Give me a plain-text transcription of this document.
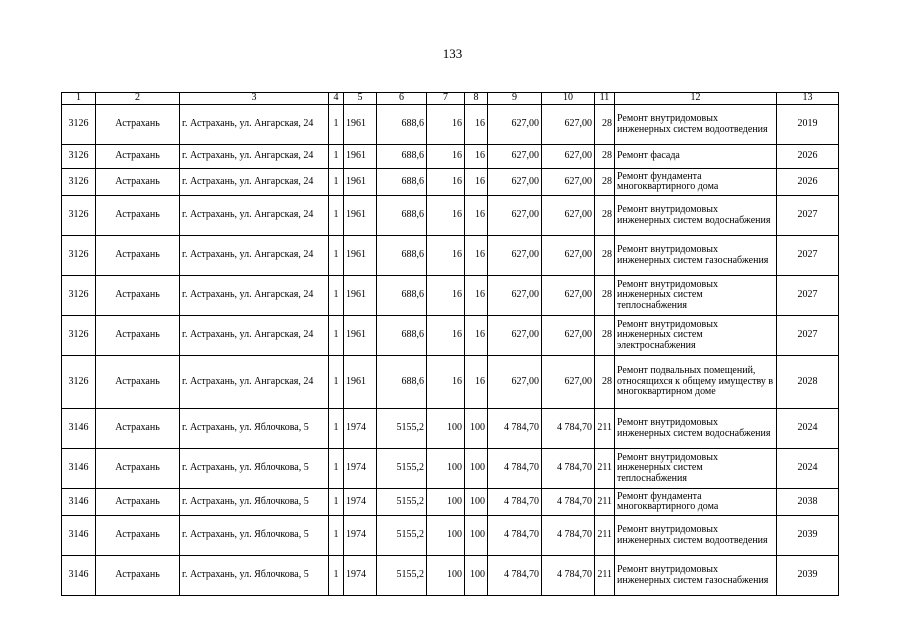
133
1	2	3	4	5	6	7	8	9	10	11	12	13
3126	Астрахань	г. Астрахань, ул. Ангарская, 24	1	1961	688,6	16	16	627,00	627,00	28	Ремонт внутридомовых инженерных систем водоотведения	2019
3126	Астрахань	г. Астрахань, ул. Ангарская, 24	1	1961	688,6	16	16	627,00	627,00	28	Ремонт фасада	2026
3126	Астрахань	г. Астрахань, ул. Ангарская, 24	1	1961	688,6	16	16	627,00	627,00	28	Ремонт фундамента многоквартирного дома	2026
3126	Астрахань	г. Астрахань, ул. Ангарская, 24	1	1961	688,6	16	16	627,00	627,00	28	Ремонт внутридомовых инженерных систем водоснабжения	2027
3126	Астрахань	г. Астрахань, ул. Ангарская, 24	1	1961	688,6	16	16	627,00	627,00	28	Ремонт внутридомовых инженерных систем газоснабжения	2027
3126	Астрахань	г. Астрахань, ул. Ангарская, 24	1	1961	688,6	16	16	627,00	627,00	28	Ремонт внутридомовых инженерных систем теплоснабжения	2027
3126	Астрахань	г. Астрахань, ул. Ангарская, 24	1	1961	688,6	16	16	627,00	627,00	28	Ремонт внутридомовых инженерных систем электроснабжения	2027
3126	Астрахань	г. Астрахань, ул. Ангарская, 24	1	1961	688,6	16	16	627,00	627,00	28	Ремонт подвальных помещений, относящихся к общему имуществу в многоквартирном доме	2028
3146	Астрахань	г. Астрахань, ул. Яблочкова, 5	1	1974	5155,2	100	100	4 784,70	4 784,70	211	Ремонт внутридомовых инженерных систем водоснабжения	2024
3146	Астрахань	г. Астрахань, ул. Яблочкова, 5	1	1974	5155,2	100	100	4 784,70	4 784,70	211	Ремонт внутридомовых инженерных систем теплоснабжения	2024
3146	Астрахань	г. Астрахань, ул. Яблочкова, 5	1	1974	5155,2	100	100	4 784,70	4 784,70	211	Ремонт фундамента многоквартирного дома	2038
3146	Астрахань	г. Астрахань, ул. Яблочкова, 5	1	1974	5155,2	100	100	4 784,70	4 784,70	211	Ремонт внутридомовых инженерных систем водоотведения	2039
3146	Астрахань	г. Астрахань, ул. Яблочкова, 5	1	1974	5155,2	100	100	4 784,70	4 784,70	211	Ремонт внутридомовых инженерных систем газоснабжения	2039
